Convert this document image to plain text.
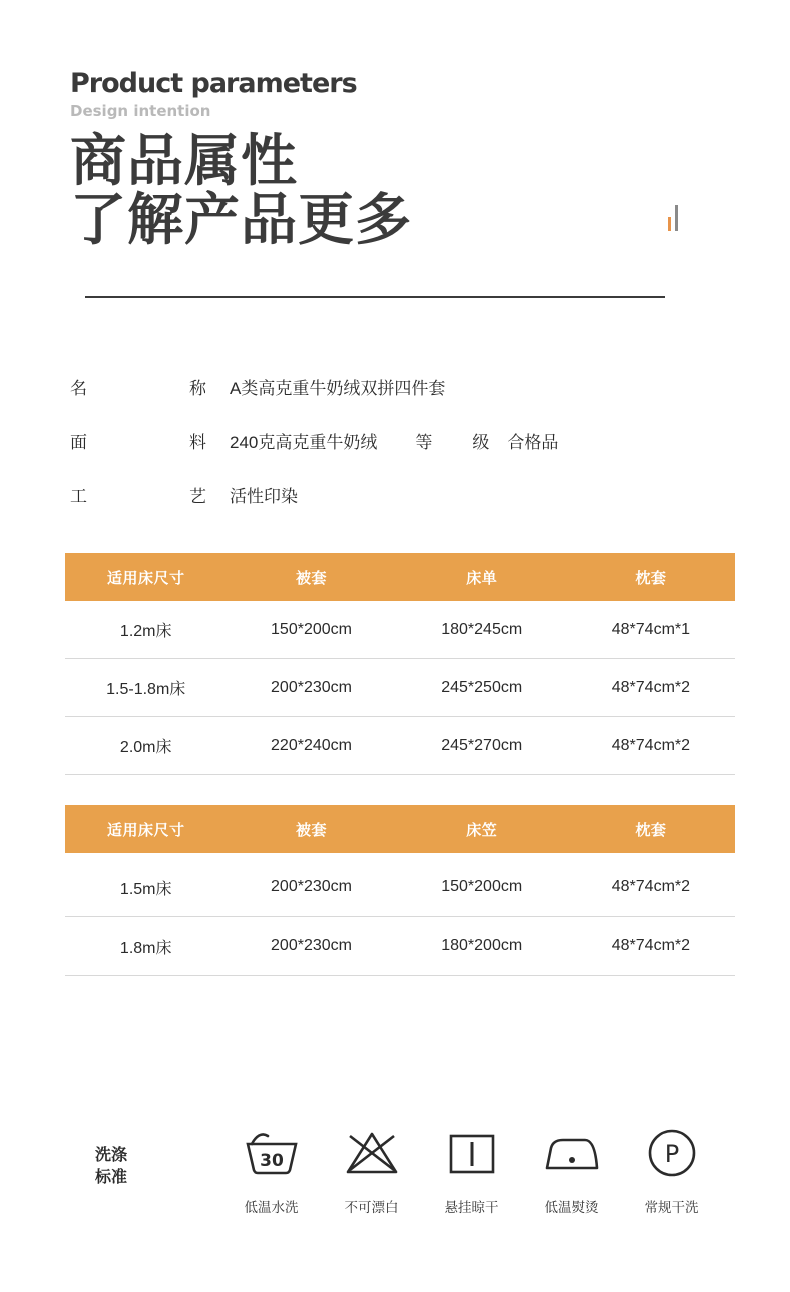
Product parameters
Design intention
商品属性
了解产品更多
名	称 A类高克重牛奶绒双拼四件套
面	料 240克高克重牛奶绒 等 级 合格品
工	艺 活性印染
适用床尺寸	被套	床单	枕套
1.2m床	150*200cm	180*245cm	48*74cm*1
1.5-1.8m床	200*230cm	245*250cm	48*74cm*2
2.0m床	220*240cm	245*270cm	48*74cm*2
适用床尺寸	被套	床笠	枕套
1.5m床	200*230cm	150*200cm	48*74cm*2
1.8m床	200*230cm	180*200cm	48*74cm*2
洗涤
标准
30
低温水洗	不可漂白	悬挂晾干	低温熨烫
P
常规干洗
